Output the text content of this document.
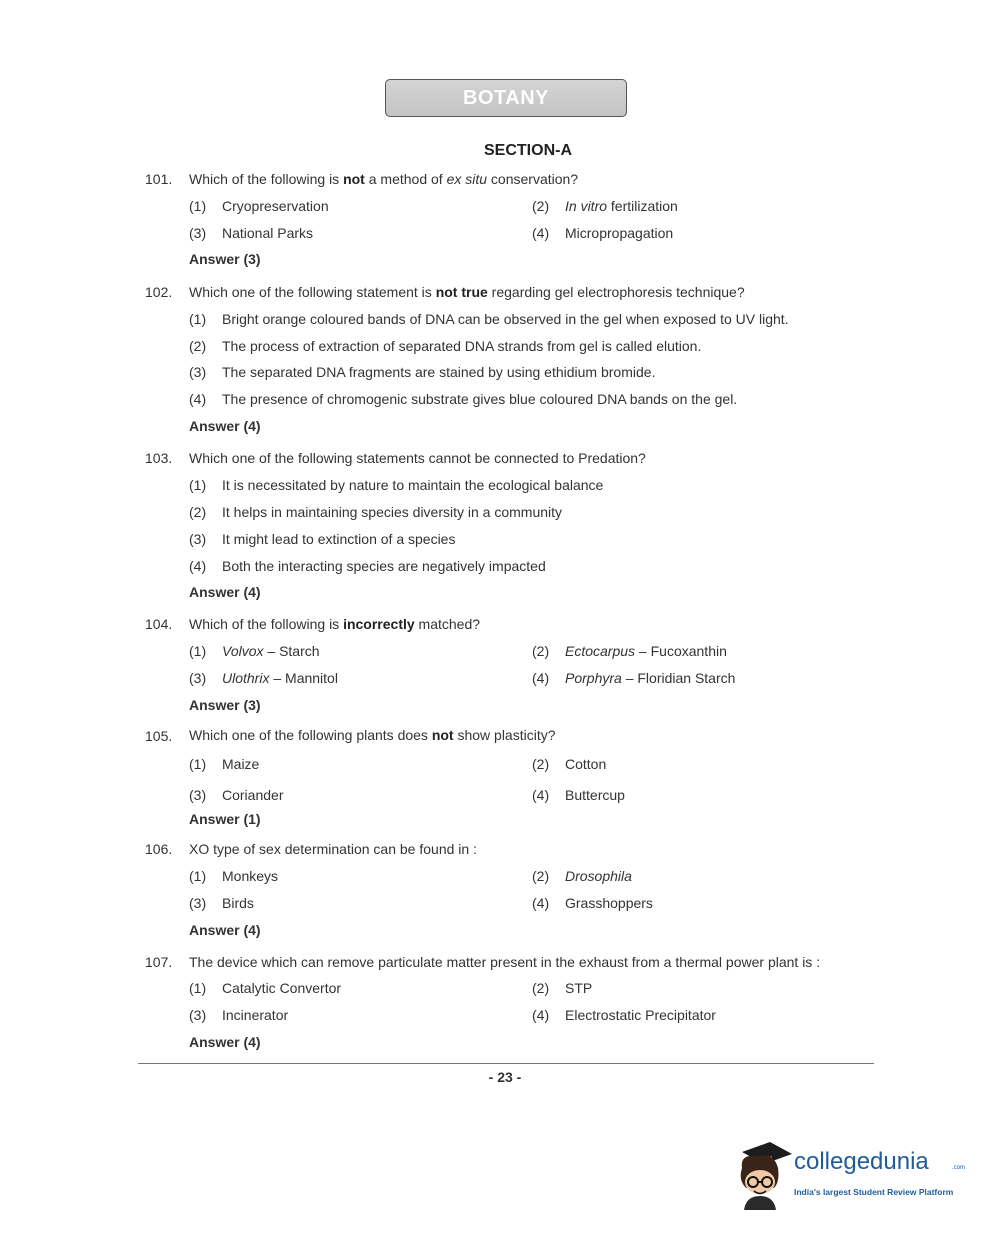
BOTANY
SECTION-A
101. Which of the following is not a method of ex situ conservation?
(1) Cryopreservation	(2) In vitro fertilization
(3) National Parks	(4) Micropropagation
Answer (3)
102. Which one of the following statement is not true regarding gel electrophoresis technique?
(1) Bright orange coloured bands of DNA can be observed in the gel when exposed to UV light.
(2) The process of extraction of separated DNA strands from gel is called elution.
(3) The separated DNA fragments are stained by using ethidium bromide.
(4) The presence of chromogenic substrate gives blue coloured DNA bands on the gel.
Answer (4)
103. Which one of the following statements cannot be connected to Predation?
(1) It is necessitated by nature to maintain the ecological balance
(2) It helps in maintaining species diversity in a community
(3) It might lead to extinction of a species
(4) Both the interacting species are negatively impacted
Answer (4)
104. Which of the following is incorrectly matched?
(1) Volvox – Starch	(2) Ectocarpus – Fucoxanthin
(3) Ulothrix – Mannitol	(4) Porphyra – Floridian Starch
Answer (3)
105. Which one of the following plants does not show plasticity?
(1) Maize	(2) Cotton
(3) Coriander	(4) Buttercup
Answer (1)
106. XO type of sex determination can be found in :
(1) Monkeys	(2) Drosophila
(3) Birds	(4) Grasshoppers
Answer (4)
107. The device which can remove particulate matter present in the exhaust from a thermal power plant is :
(1) Catalytic Convertor	(2) STP
(3) Incinerator	(4) Electrostatic Precipitator
Answer (4)
- 23 -
collegedunia	.com
India's largest Student Review Platform
